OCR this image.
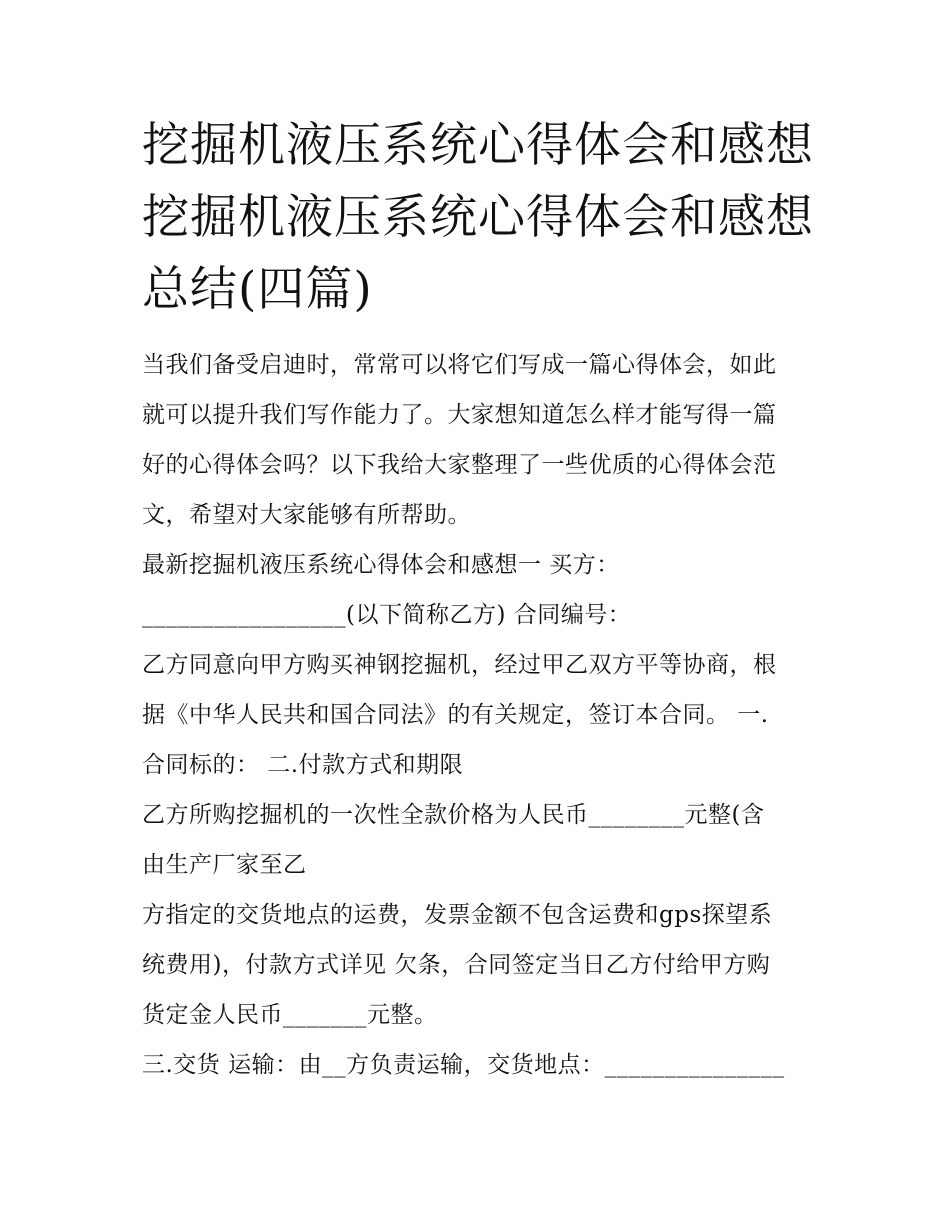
挖掘机液压系统心得体会和感想 挖掘机液压系统心得体会和感想总结(四篇)

当我们备受启迪时，常常可以将它们写成一篇心得体会，如此

就可以提升我们写作能力了。大家想知道怎么样才能写得一篇

好的心得体会吗？以下我给大家整理了一些优质的心得体会范

文，希望对大家能够有所帮助。

最新挖掘机液压系统心得体会和感想一 买方：

_________________(以下简称乙方) 合同编号：

乙方同意向甲方购买神钢挖掘机，经过甲乙双方平等协商，根

据《中华人民共和国合同法》的有关规定，签订本合同。 一.

合同标的： 二.付款方式和期限

乙方所购挖掘机的一次性全款价格为人民币________元整(含

由生产厂家至乙

方指定的交货地点的运费，发票金额不包含运费和gps探望系

统费用)，付款方式详见 欠条，合同签定当日乙方付给甲方购

货定金人民币_______元整。

三.交货 运输：由__方负责运输，交货地点：_______________
